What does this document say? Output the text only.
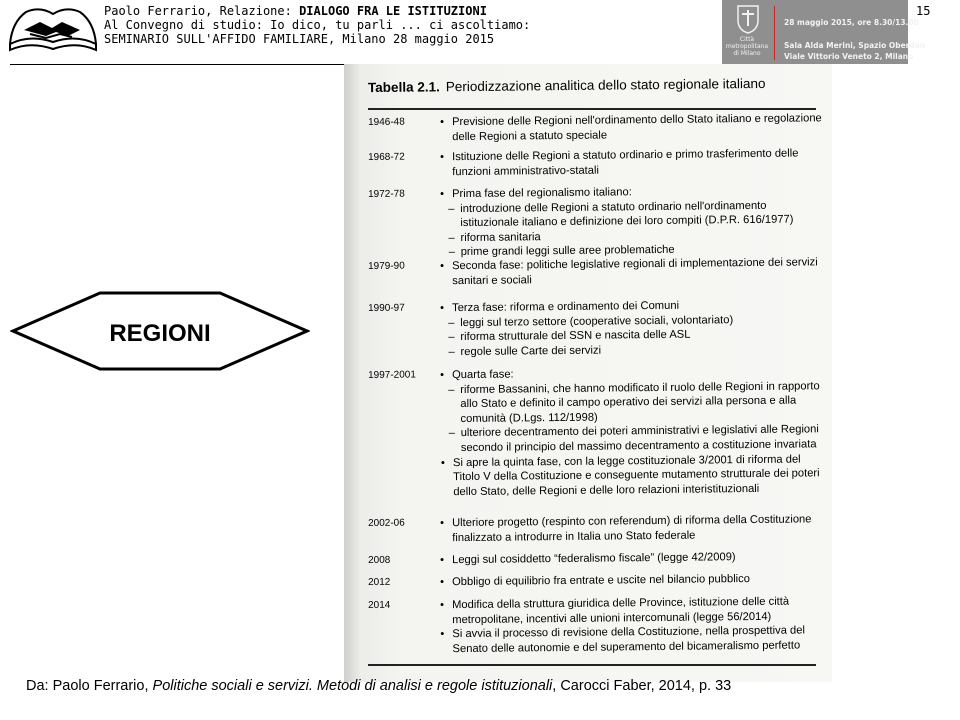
Paolo Ferrario, Relazione: DIALOGO FRA LE ISTITUZIONI
Al Convegno di studio: Io dico, tu parli ... ci ascoltiamo:
SEMINARIO SULL'AFFIDO FAMILIARE, Milano 28 maggio 2015
15
Città metropolitana di Milano
28 maggio 2015, ore 8.30/13.00
Sala Alda Merini, Spazio Oberdan
Viale Vittorio Veneto 2, Milano
REGIONI
Tabella 2.1. Periodizzazione analitica dello stato regionale italiano
1946-48	• Previsione delle Regioni nell'ordinamento dello Stato italiano e regolazione delle Regioni a statuto speciale
1968-72	• Istituzione delle Regioni a statuto ordinario e primo trasferimento delle funzioni amministrativo-statali
1972-78	• Prima fase del regionalismo italiano:
– introduzione delle Regioni a statuto ordinario nell'ordinamento istituzionale italiano e definizione dei loro compiti (D.P.R. 616/1977)
– riforma sanitaria
– prime grandi leggi sulle aree problematiche
1979-90	• Seconda fase: politiche legislative regionali di implementazione dei servizi sanitari e sociali
1990-97	• Terza fase: riforma e ordinamento dei Comuni
– leggi sul terzo settore (cooperative sociali, volontariato)
– riforma strutturale del SSN e nascita delle ASL
– regole sulle Carte dei servizi
1997-2001	• Quarta fase:
– riforme Bassanini, che hanno modificato il ruolo delle Regioni in rapporto allo Stato e definito il campo operativo dei servizi alla persona e alla comunità (D.Lgs. 112/1998)
– ulteriore decentramento dei poteri amministrativi e legislativi alle Regioni secondo il principio del massimo decentramento a costituzione invariata
• Si apre la quinta fase, con la legge costituzionale 3/2001 di riforma del Titolo V della Costituzione e conseguente mutamento strutturale dei poteri dello Stato, delle Regioni e delle loro relazioni interistituzionali
2002-06	• Ulteriore progetto (respinto con referendum) di riforma della Costituzione finalizzato a introdurre in Italia uno Stato federale
2008	• Leggi sul cosiddetto “federalismo fiscale” (legge 42/2009)
2012	• Obbligo di equilibrio fra entrate e uscite nel bilancio pubblico
2014	• Modifica della struttura giuridica delle Province, istituzione delle città metropolitane, incentivi alle unioni intercomunali (legge 56/2014)
• Si avvia il processo di revisione della Costituzione, nella prospettiva del Senato delle autonomie e del superamento del bicameralismo perfetto
Da: Paolo Ferrario, Politiche sociali e servizi. Metodi di analisi e regole istituzionali, Carocci Faber, 2014, p. 33
